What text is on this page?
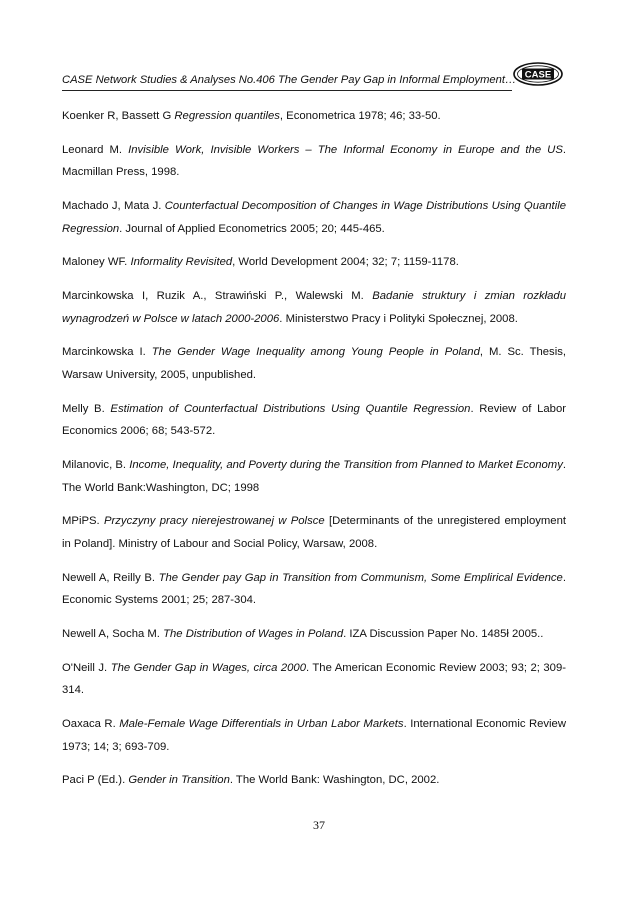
CASE Network Studies & Analyses No.406 The Gender Pay Gap in Informal Employment… CASE

Koenker R, Bassett G Regression quantiles, Econometrica 1978; 46; 33-50.

Leonard M. Invisible Work, Invisible Workers – The Informal Economy in Europe and the US. Macmillan Press, 1998.

Machado J, Mata J. Counterfactual Decomposition of Changes in Wage Distributions Using Quantile Regression. Journal of Applied Econometrics 2005; 20; 445-465.

Maloney WF. Informality Revisited, World Development 2004; 32; 7; 1159-1178.

Marcinkowska I, Ruzik A., Strawiński P., Walewski M. Badanie struktury i zmian rozkładu wynagrodzeń w Polsce w latach 2000-2006. Ministerstwo Pracy i Polityki Społecznej, 2008.

Marcinkowska I. The Gender Wage Inequality among Young People in Poland, M. Sc. Thesis, Warsaw University, 2005, unpublished.

Melly B. Estimation of Counterfactual Distributions Using Quantile Regression. Review of Labor Economics 2006; 68; 543-572.

Milanovic, B. Income, Inequality, and Poverty during the Transition from Planned to Market Economy. The World Bank:Washington, DC; 1998

MPiPS. Przyczyny pracy nierejestrowanej w Polsce [Determinants of the unregistered employment in Poland]. Ministry of Labour and Social Policy, Warsaw, 2008.

Newell A, Reilly B. The Gender pay Gap in Transition from Communism, Some Emplirical Evidence. Economic Systems 2001; 25; 287-304.

Newell A, Socha M. The Distribution of Wages in Poland. IZA Discussion Paper No. 1485ł 2005..

O'Neill J. The Gender Gap in Wages, circa 2000. The American Economic Review 2003; 93; 2; 309-314.

Oaxaca R. Male-Female Wage Differentials in Urban Labor Markets. International Economic Review 1973; 14; 3; 693-709.

Paci P (Ed.). Gender in Transition. The World Bank: Washington, DC, 2002.

37
